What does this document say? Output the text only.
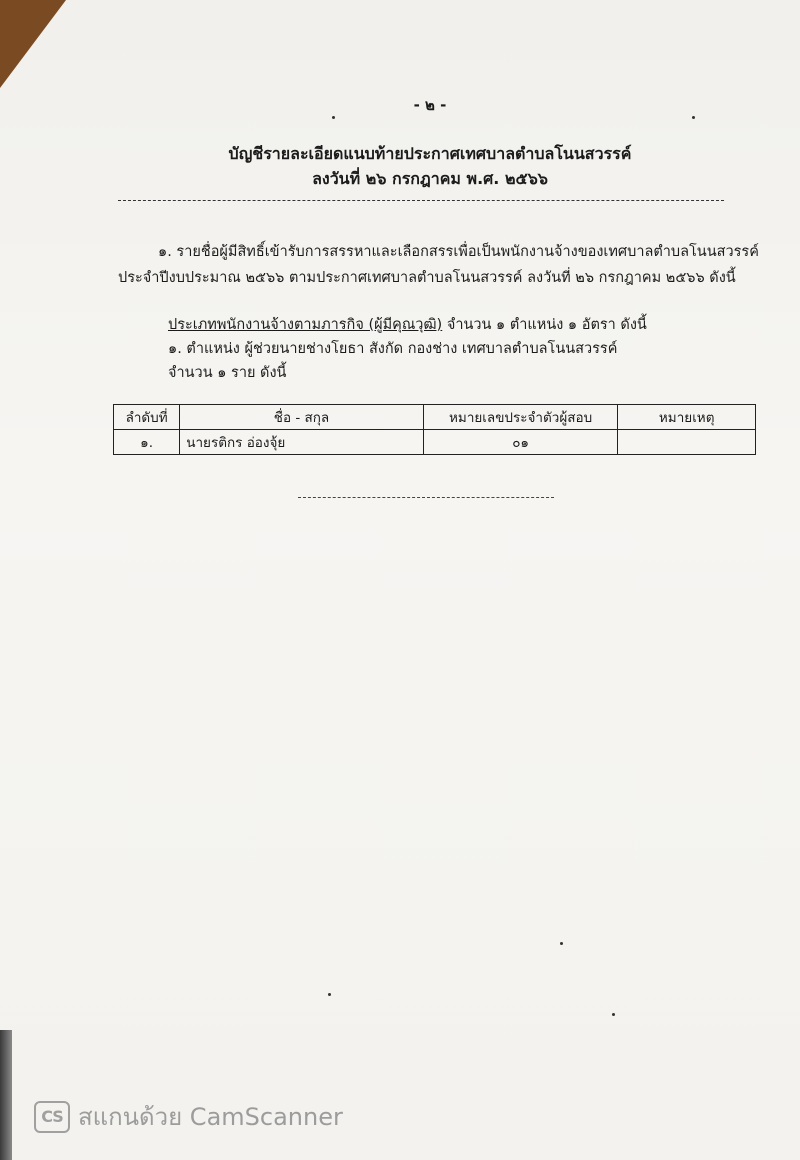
- ๒ -
บัญชีรายละเอียดแนบท้ายประกาศเทศบาลตำบลโนนสวรรค์
ลงวันที่ ๒๖ กรกฎาคม พ.ศ. ๒๕๖๖
๑. รายชื่อผู้มีสิทธิ์เข้ารับการสรรหาและเลือกสรรเพื่อเป็นพนักงานจ้างของเทศบาลตำบลโนนสวรรค์
ประจำปีงบประมาณ ๒๕๖๖ ตามประกาศเทศบาลตำบลโนนสวรรค์ ลงวันที่ ๒๖ กรกฎาคม ๒๕๖๖ ดังนี้
ประเภทพนักงานจ้างตามภารกิจ (ผู้มีคุณวุฒิ) จำนวน ๑ ตำแหน่ง ๑ อัตรา ดังนี้
๑. ตำแหน่ง ผู้ช่วยนายช่างโยธา สังกัด กองช่าง เทศบาลตำบลโนนสวรรค์
จำนวน ๑ ราย ดังนี้
ลำดับที่	ชื่อ - สกุล	หมายเลขประจำตัวผู้สอบ	หมายเหตุ
๑.	นายรติกร อ่องจุ้ย	๐๑	
CS สแกนด้วย CamScanner
